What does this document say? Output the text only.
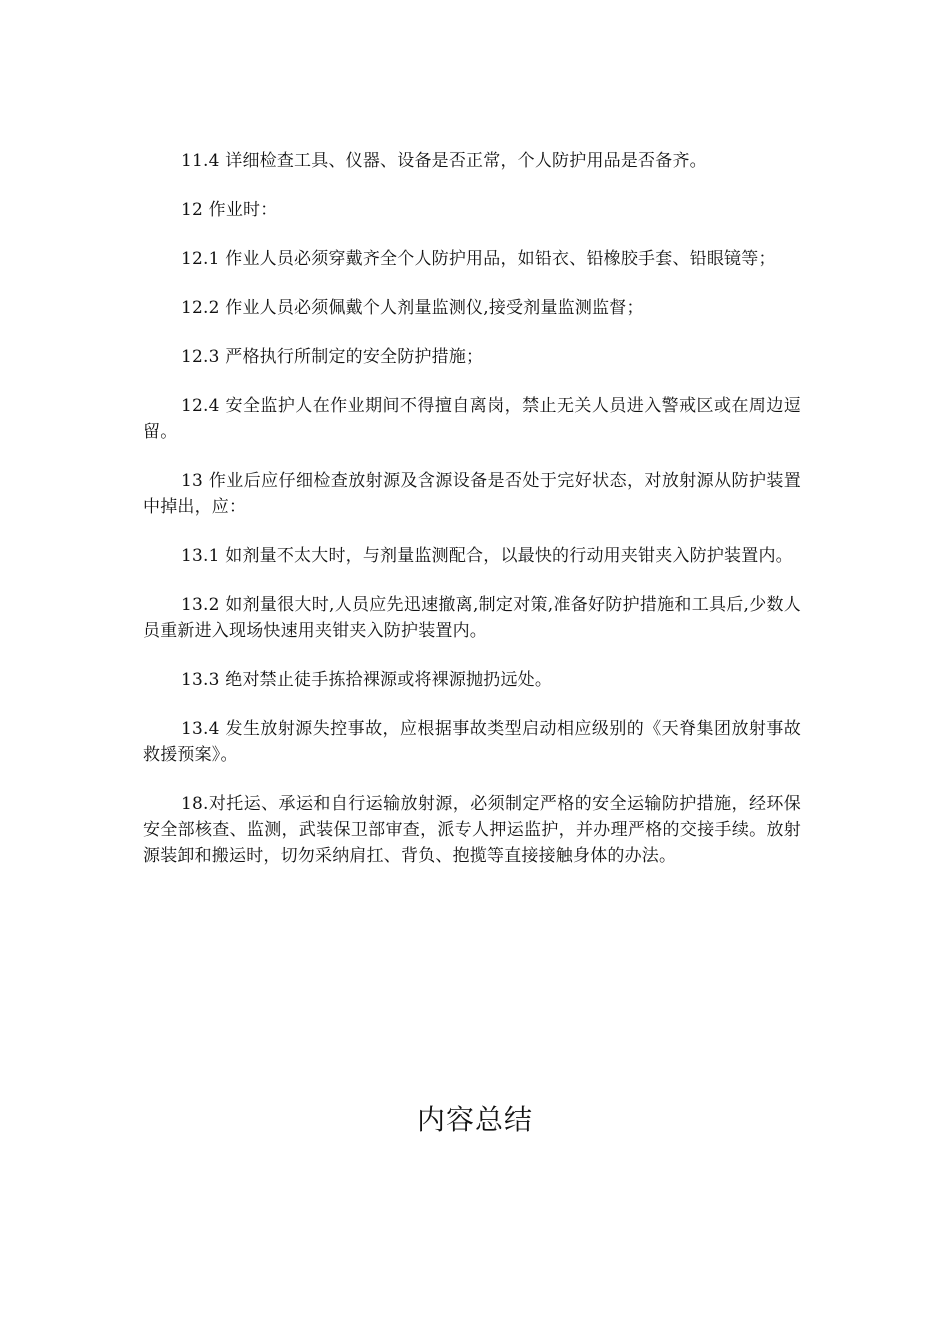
11.4 详细检查工具、仪器、设备是否正常，个人防护用品是否备齐。

12 作业时：

12.1 作业人员必须穿戴齐全个人防护用品，如铅衣、铅橡胶手套、铅眼镜等；

12.2 作业人员必须佩戴个人剂量监测仪,接受剂量监测监督；

12.3 严格执行所制定的安全防护措施；

12.4 安全监护人在作业期间不得擅自离岗，禁止无关人员进入警戒区或在周边逗留。

13 作业后应仔细检查放射源及含源设备是否处于完好状态，对放射源从防护装置中掉出，应：

13.1 如剂量不太大时，与剂量监测配合，以最快的行动用夹钳夹入防护装置内。

13.2 如剂量很大时,人员应先迅速撤离,制定对策,准备好防护措施和工具后,少数人员重新进入现场快速用夹钳夹入防护装置内。

13.3 绝对禁止徒手拣拾裸源或将裸源抛扔远处。

13.4 发生放射源失控事故，应根据事故类型启动相应级别的《天脊集团放射事故救援预案》。

18.对托运、承运和自行运输放射源，必须制定严格的安全运输防护措施，经环保安全部核查、监测，武装保卫部审查，派专人押运监护，并办理严格的交接手续。放射源装卸和搬运时，切勿采纳肩扛、背负、抱揽等直接接触身体的办法。

内容总结
